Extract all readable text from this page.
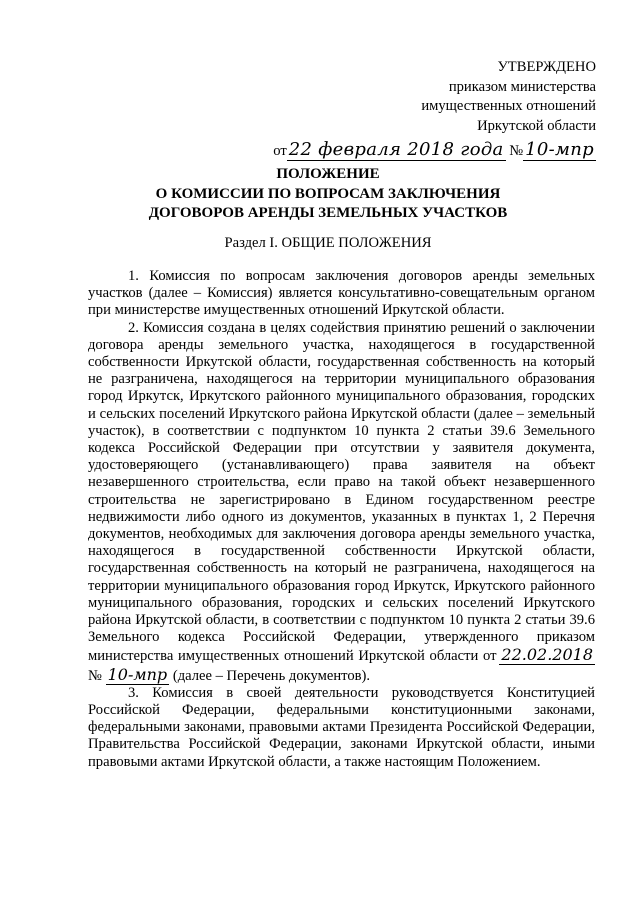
УТВЕРЖДЕНО
приказом министерства
имущественных отношений
Иркутской области
от 22 февраля 2018 года № 10-мпр
ПОЛОЖЕНИЕ
О КОМИССИИ ПО ВОПРОСАМ ЗАКЛЮЧЕНИЯ
ДОГОВОРОВ АРЕНДЫ ЗЕМЕЛЬНЫХ УЧАСТКОВ
Раздел I. ОБЩИЕ ПОЛОЖЕНИЯ

1. Комиссия по вопросам заключения договоров аренды земельных участков (далее – Комиссия) является консультативно-совещательным органом при министерстве имущественных отношений Иркутской области.

2. Комиссия создана в целях содействия принятию решений о заключении договора аренды земельного участка, находящегося в государственной собственности Иркутской области, государственная собственность на который не разграничена, находящегося на территории муниципального образования город Иркутск, Иркутского районного муниципального образования, городских и сельских поселений Иркутского района Иркутской области (далее – земельный участок), в соответствии с подпунктом 10 пункта 2 статьи 39.6 Земельного кодекса Российской Федерации при отсутствии у заявителя документа, удостоверяющего (устанавливающего) права заявителя на объект незавершенного строительства, если право на такой объект незавершенного строительства не зарегистрировано в Едином государственном реестре недвижимости либо одного из документов, указанных в пунктах 1, 2 Перечня документов, необходимых для заключения договора аренды земельного участка, находящегося в государственной собственности Иркутской области, государственная собственность на который не разграничена, находящегося на территории муниципального образования город Иркутск, Иркутского районного муниципального образования, городских и сельских поселений Иркутского района Иркутской области, в соответствии с подпунктом 10 пункта 2 статьи 39.6 Земельного кодекса Российской Федерации, утвержденного приказом министерства имущественных отношений Иркутской области от  22.02.2018 № 10-мпр (далее – Перечень документов).

3. Комиссия в своей деятельности руководствуется Конституцией Российской Федерации, федеральными конституционными законами, федеральными законами, правовыми актами Президента Российской Федерации, Правительства Российской Федерации, законами Иркутской области, иными правовыми актами Иркутской области, а также настоящим Положением.
